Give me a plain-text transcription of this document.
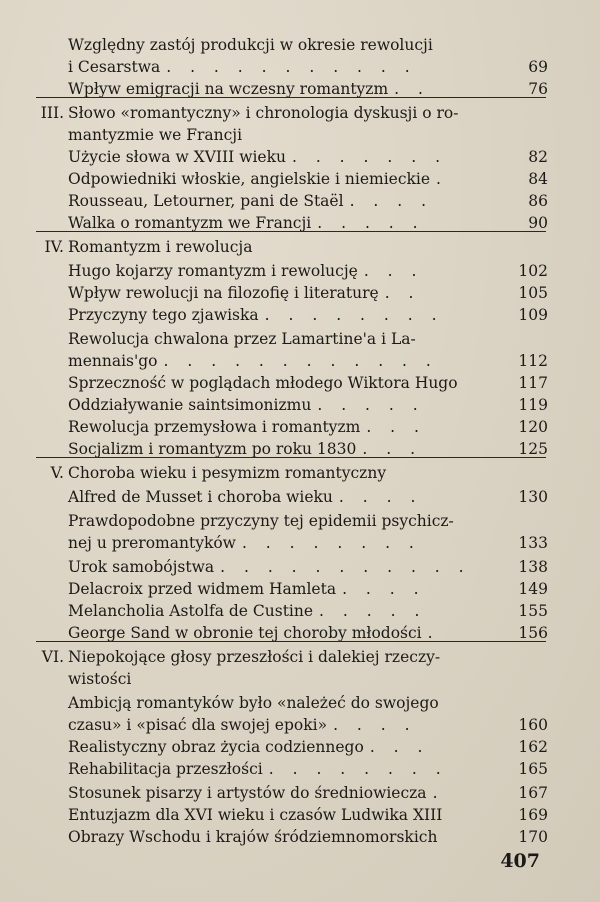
Względny zastój produkcji w okresie rewolucji
i Cesarstwa . . . . . . . . . . .	69
Wpływ emigracji na wczesny romantyzm . .	76
III. Słowo «romantyczny» i chronologia dyskusji o ro-
mantyzmie we Francji
Użycie słowa w XVIII wieku . . . . . . .	82
Odpowiedniki włoskie, angielskie i niemieckie .	84
Rousseau, Letourner, pani de Staël . . . .	86
Walka o romantyzm we Francji . . . . .	90
IV. Romantyzm i rewolucja
Hugo kojarzy romantyzm i rewolucję . . .	102
Wpływ rewolucji na filozofię i literaturę . .	105
Przyczyny tego zjawiska . . . . . . . .	109
Rewolucja chwalona przez Lamartine'a i La-
mennais'go . . . . . . . . . . . .	112
Sprzeczność w poglądach młodego Wiktora Hugo	117
Oddziaływanie saintsimonizmu . . . . .	119
Rewolucja przemysłowa i romantyzm . . .	120
Socjalizm i romantyzm po roku 1830 . . .	125
V. Choroba wieku i pesymizm romantyczny
Alfred de Musset i choroba wieku . . . .	130
Prawdopodobne przyczyny tej epidemii psychicz-
nej u preromantyków . . . . . . . .	133
Urok samobójstwa . . . . . . . . . . .	138
Delacroix przed widmem Hamleta . . . .	149
Melancholia Astolfa de Custine . . . . .	155
George Sand w obronie tej choroby młodości .	156
VI. Niepokojące głosy przeszłości i dalekiej rzeczy-
wistości
Ambicją romantyków było «należeć do swojego
czasu» i «pisać dla swojej epoki» . . . .	160
Realistyczny obraz życia codziennego . . .	162
Rehabilitacja przeszłości . . . . . . . .	165
Stosunek pisarzy i artystów do średniowiecza .	167
Entuzjazm dla XVI wieku i czasów Ludwika XIII	169
Obrazy Wschodu i krajów śródziemnomorskich	170
407
